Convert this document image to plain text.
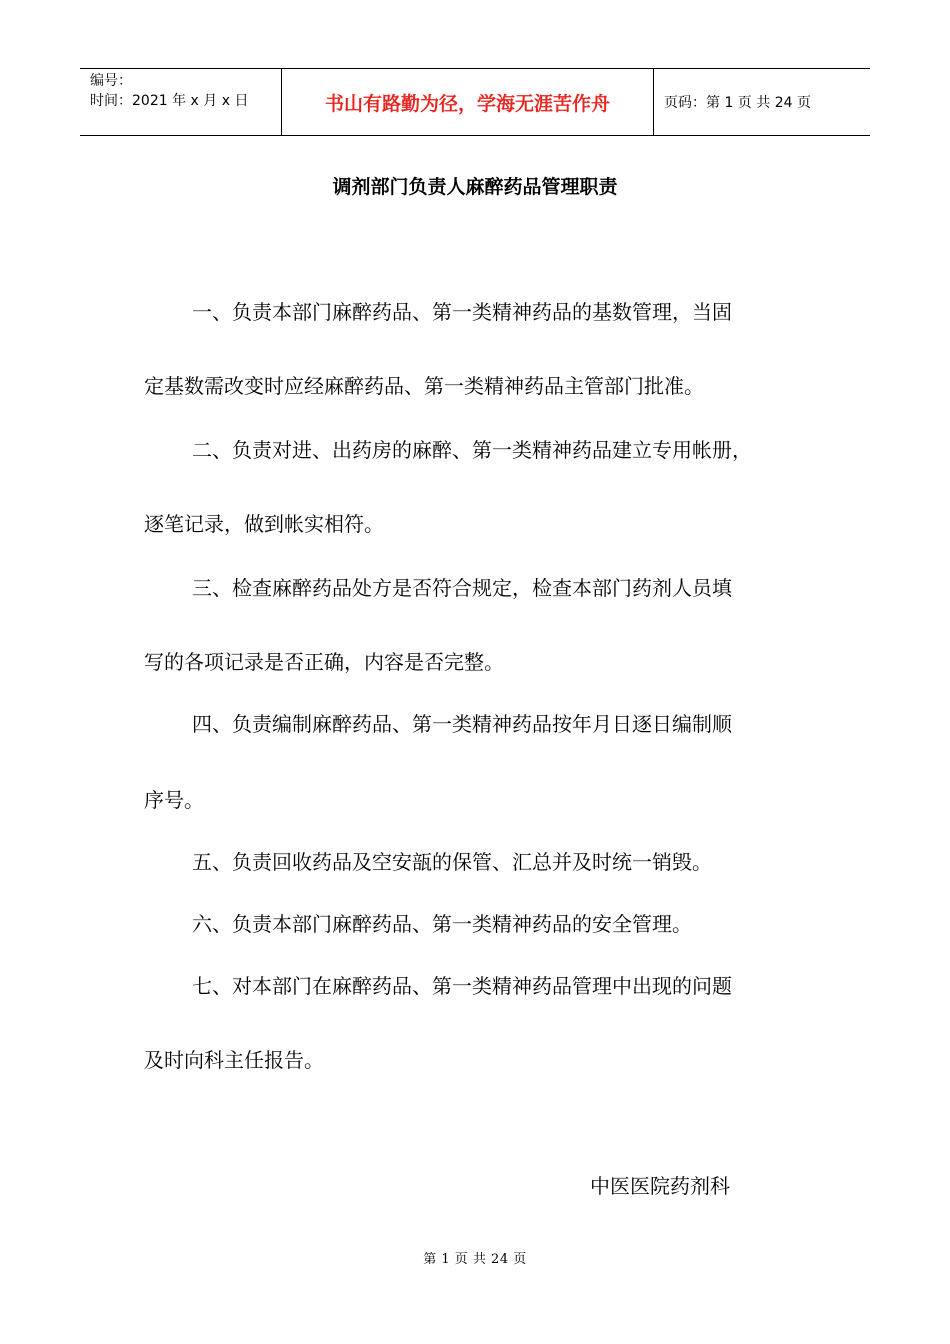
编号：
时间：2021 年 x 月 x 日	书山有路勤为径，学海无涯苦作舟	页码：第 1 页 共 24 页
调剂部门负责人麻醉药品管理职责
一、负责本部门麻醉药品、第一类精神药品的基数管理，当固
定基数需改变时应经麻醉药品、第一类精神药品主管部门批准。
二、负责对进、出药房的麻醉、第一类精神药品建立专用帐册，
逐笔记录，做到帐实相符。
三、检查麻醉药品处方是否符合规定，检查本部门药剂人员填
写的各项记录是否正确，内容是否完整。
四、负责编制麻醉药品、第一类精神药品按年月日逐日编制顺
序号。
五、负责回收药品及空安瓿的保管、汇总并及时统一销毁。
六、负责本部门麻醉药品、第一类精神药品的安全管理。
七、对本部门在麻醉药品、第一类精神药品管理中出现的问题
及时向科主任报告。
中医医院药剂科
第 1 页 共 24 页
